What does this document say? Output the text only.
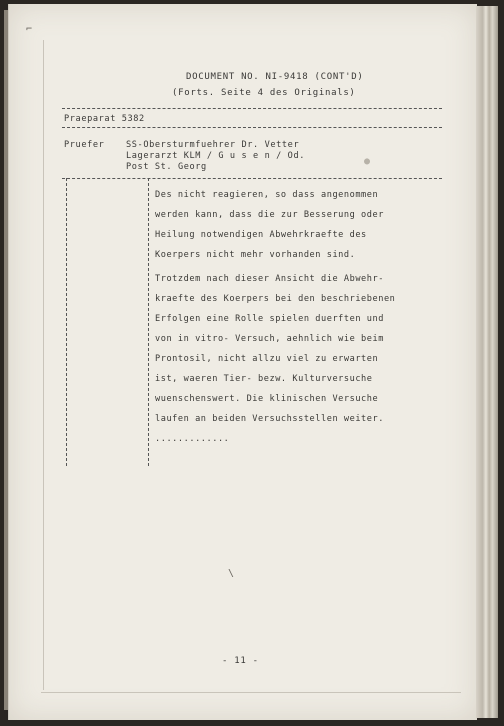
DOCUMENT NO. NI-9418 (CONT'D)
(Forts. Seite 4 des Originals)
⌐
Praeparat 5382
Pruefer	SS-Obersturmfuehrer Dr. Vetter
Lagerarzt KLM / G u s e n / Od.
Post St. Georg	●
Des nicht reagieren, so dass angenommen
werden kann, dass die zur Besserung oder
Heilung notwendigen Abwehrkraefte des
Koerpers nicht mehr vorhanden sind.
Trotzdem nach dieser Ansicht die Abwehr-
kraefte des Koerpers bei den beschriebenen
Erfolgen eine Rolle spielen duerften und
von in vitro- Versuch, aehnlich wie beim
Prontosil, nicht allzu viel zu erwarten
ist, waeren Tier- bezw. Kulturversuche
wuenschenswert. Die klinischen Versuche
laufen an beiden Versuchsstellen weiter.
.............
\
- 11 -
